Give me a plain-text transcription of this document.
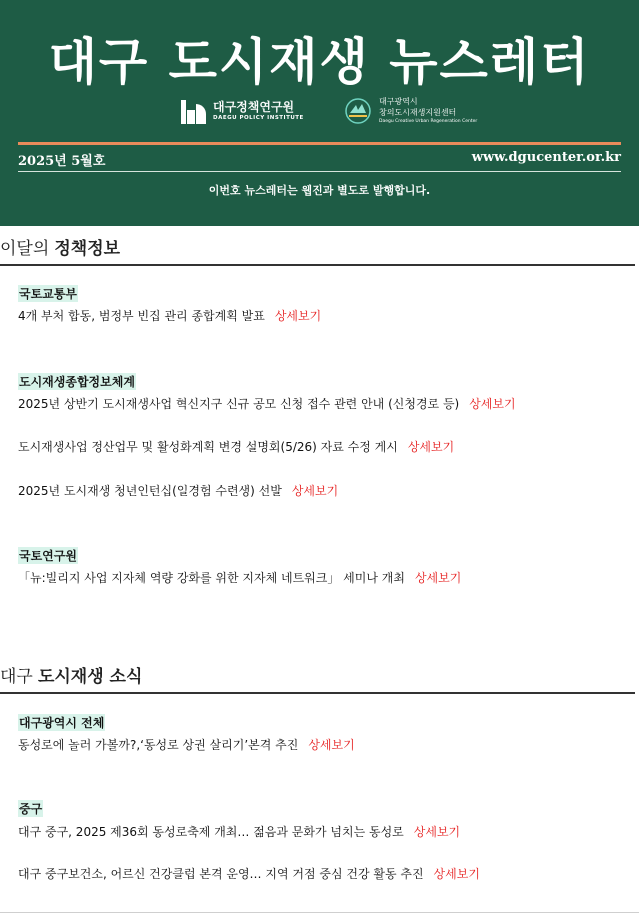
대구 도시재생 뉴스레터
대구정책연구원
DAEGU POLICY INSTITUTE
대구광역시
창의도시재생지원센터
Daegu Creative Urban Regeneration Center
2025년 5월호	www.dgucenter.or.kr
이번호 뉴스레터는 웹진과 별도로 발행합니다.
이달의 정책정보
국토교통부
4개 부처 합동, 범정부 빈집 관리 종합계획 발표 상세보기
도시재생종합정보체계
2025년 상반기 도시재생사업 혁신지구 신규 공모 신청 접수 관련 안내 (신청경로 등) 상세보기
도시재생사업 정산업무 및 활성화계획 변경 설명회(5/26) 자료 수정 게시 상세보기
2025년 도시재생 청년인턴십(일경험 수련생) 선발 상세보기
국토연구원
「뉴:빌리지 사업 지자체 역량 강화를 위한 지자체 네트워크」 세미나 개최 상세보기
대구 도시재생 소식
대구광역시 전체
동성로에 놀러 가볼까?,‘동성로 상권 살리기’본격 추진 상세보기
중구
대구 중구, 2025 제36회 동성로축제 개최… 젊음과 문화가 넘치는 동성로 상세보기
대구 중구보건소, 어르신 건강클럽 본격 운영… 지역 거점 중심 건강 활동 추진 상세보기
